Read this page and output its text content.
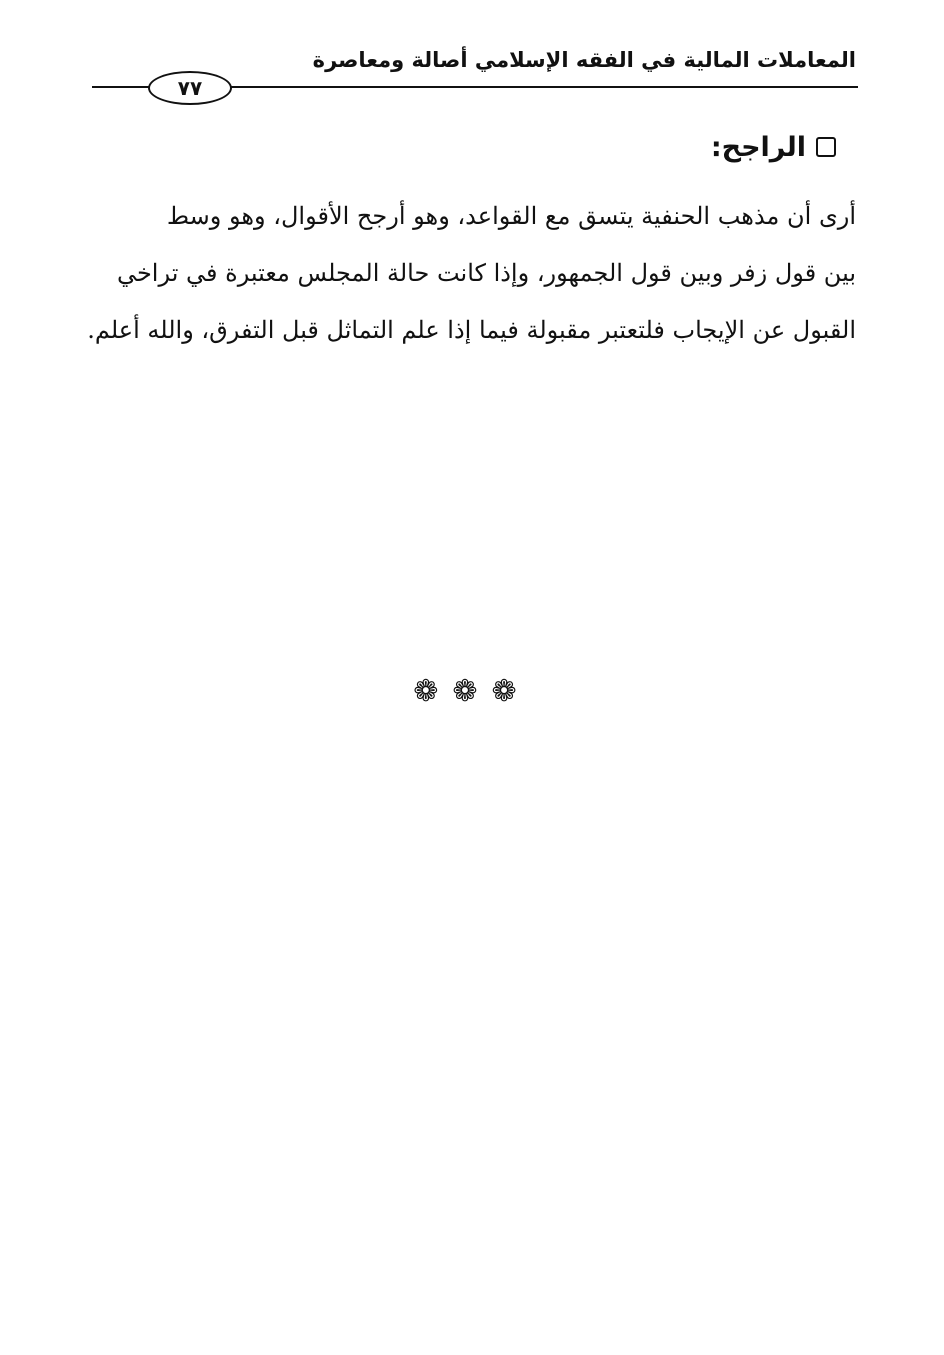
المعاملات المالية في الفقه الإسلامي أصالة ومعاصرة
٧٧
الراجح:
أرى أن مذهب الحنفية يتسق مع القواعد، وهو أرجح الأقوال، وهو وسط
بين قول زفر وبين قول الجمهور، وإذا كانت حالة المجلس معتبرة في تراخي
القبول عن الإيجاب فلتعتبر مقبولة فيما إذا علم التماثل قبل التفرق، والله أعلم.
❁❁❁
